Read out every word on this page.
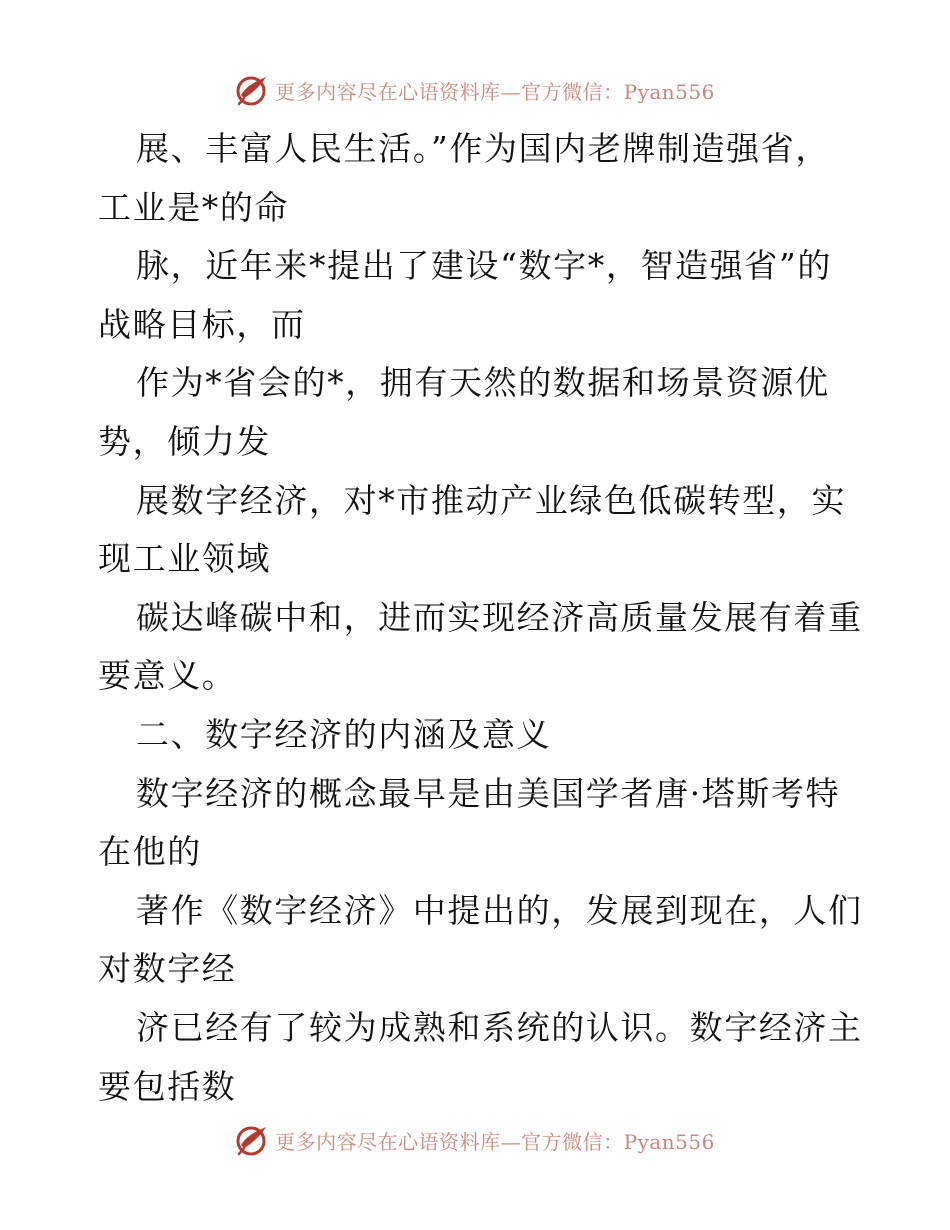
更多内容尽在心语资料库—官方微信：Pyan556
展、丰富人民生活。”作为国内老牌制造强省，
工业是*的命
脉，近年来*提出了建设“数字*，智造强省”的
战略目标，而
作为*省会的*，拥有天然的数据和场景资源优
势，倾力发
展数字经济，对*市推动产业绿色低碳转型，实
现工业领域
碳达峰碳中和，进而实现经济高质量发展有着重
要意义。
二、数字经济的内涵及意义
数字经济的概念最早是由美国学者唐·塔斯考特
在他的
著作《数字经济》中提出的，发展到现在，人们
对数字经
济已经有了较为成熟和系统的认识。数字经济主
要包括数
更多内容尽在心语资料库—官方微信：Pyan556
